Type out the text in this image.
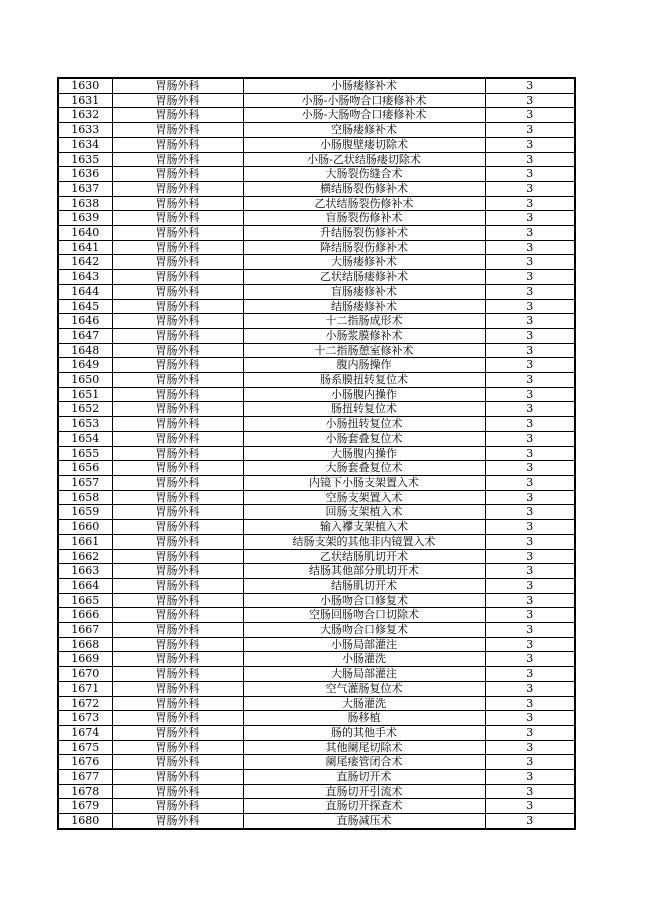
1630	胃肠外科	小肠瘘修补术	3
1631	胃肠外科	小肠-小肠吻合口瘘修补术	3
1632	胃肠外科	小肠-大肠吻合口瘘修补术	3
1633	胃肠外科	空肠瘘修补术	3
1634	胃肠外科	小肠腹壁瘘切除术	3
1635	胃肠外科	小肠-乙状结肠瘘切除术	3
1636	胃肠外科	大肠裂伤缝合术	3
1637	胃肠外科	横结肠裂伤修补术	3
1638	胃肠外科	乙状结肠裂伤修补术	3
1639	胃肠外科	盲肠裂伤修补术	3
1640	胃肠外科	升结肠裂伤修补术	3
1641	胃肠外科	降结肠裂伤修补术	3
1642	胃肠外科	大肠瘘修补术	3
1643	胃肠外科	乙状结肠瘘修补术	3
1644	胃肠外科	盲肠瘘修补术	3
1645	胃肠外科	结肠瘘修补术	3
1646	胃肠外科	十二指肠成形术	3
1647	胃肠外科	小肠浆膜修补术	3
1648	胃肠外科	十二指肠憩室修补术	3
1649	胃肠外科	腹内肠操作	3
1650	胃肠外科	肠系膜扭转复位术	3
1651	胃肠外科	小肠腹内操作	3
1652	胃肠外科	肠扭转复位术	3
1653	胃肠外科	小肠扭转复位术	3
1654	胃肠外科	小肠套叠复位术	3
1655	胃肠外科	大肠腹内操作	3
1656	胃肠外科	大肠套叠复位术	3
1657	胃肠外科	内镜下小肠支架置入术	3
1658	胃肠外科	空肠支架置入术	3
1659	胃肠外科	回肠支架植入术	3
1660	胃肠外科	输入襻支架植入术	3
1661	胃肠外科	结肠支架的其他非内镜置入术	3
1662	胃肠外科	乙状结肠肌切开术	3
1663	胃肠外科	结肠其他部分肌切开术	3
1664	胃肠外科	结肠肌切开术	3
1665	胃肠外科	小肠吻合口修复术	3
1666	胃肠外科	空肠回肠吻合口切除术	3
1667	胃肠外科	大肠吻合口修复术	3
1668	胃肠外科	小肠局部灌注	3
1669	胃肠外科	小肠灌洗	3
1670	胃肠外科	大肠局部灌注	3
1671	胃肠外科	空气灌肠复位术	3
1672	胃肠外科	大肠灌洗	3
1673	胃肠外科	肠移植	3
1674	胃肠外科	肠的其他手术	3
1675	胃肠外科	其他阑尾切除术	3
1676	胃肠外科	阑尾瘘管闭合术	3
1677	胃肠外科	直肠切开术	3
1678	胃肠外科	直肠切开引流术	3
1679	胃肠外科	直肠切开探查术	3
1680	胃肠外科	直肠减压术	3
